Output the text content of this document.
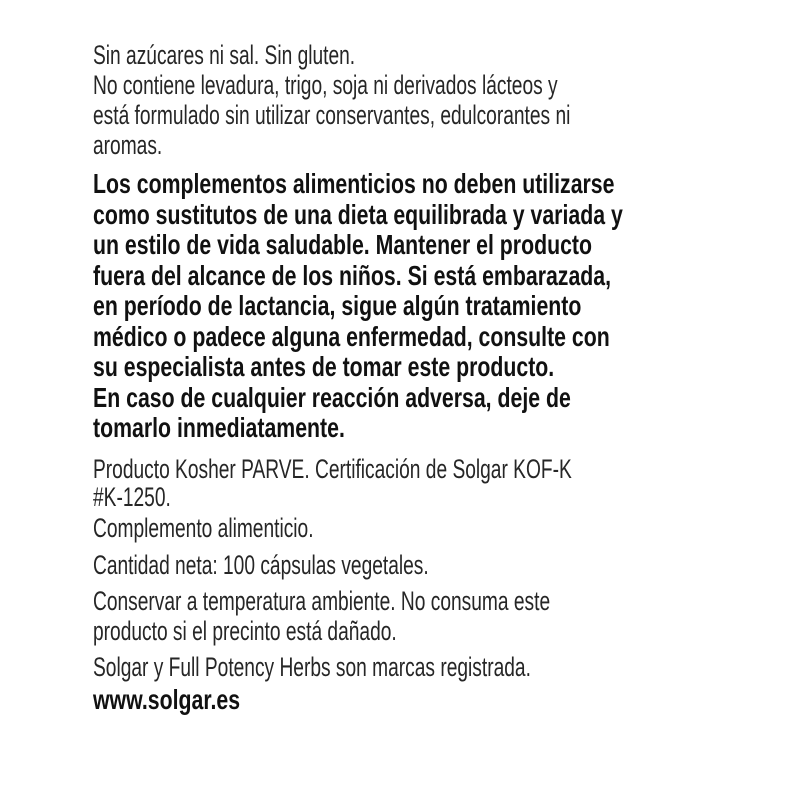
Sin azúcares ni sal. Sin gluten.
No contiene levadura, trigo, soja ni derivados lácteos y
está formulado sin utilizar conservantes, edulcorantes ni
aromas.
Los complementos alimenticios no deben utilizarse
como sustitutos de una dieta equilibrada y variada y
un estilo de vida saludable. Mantener el producto
fuera del alcance de los niños. Si está embarazada,
en período de lactancia, sigue algún tratamiento
médico o padece alguna enfermedad, consulte con
su especialista antes de tomar este producto.
En caso de cualquier reacción adversa, deje de
tomarlo inmediatamente.
Producto Kosher PARVE. Certificación de Solgar KOF-K
#K-1250.
Complemento alimenticio.
Cantidad neta: 100 cápsulas vegetales.
Conservar a temperatura ambiente. No consuma este
producto si el precinto está dañado.
Solgar y Full Potency Herbs son marcas registrada.
www.solgar.es
